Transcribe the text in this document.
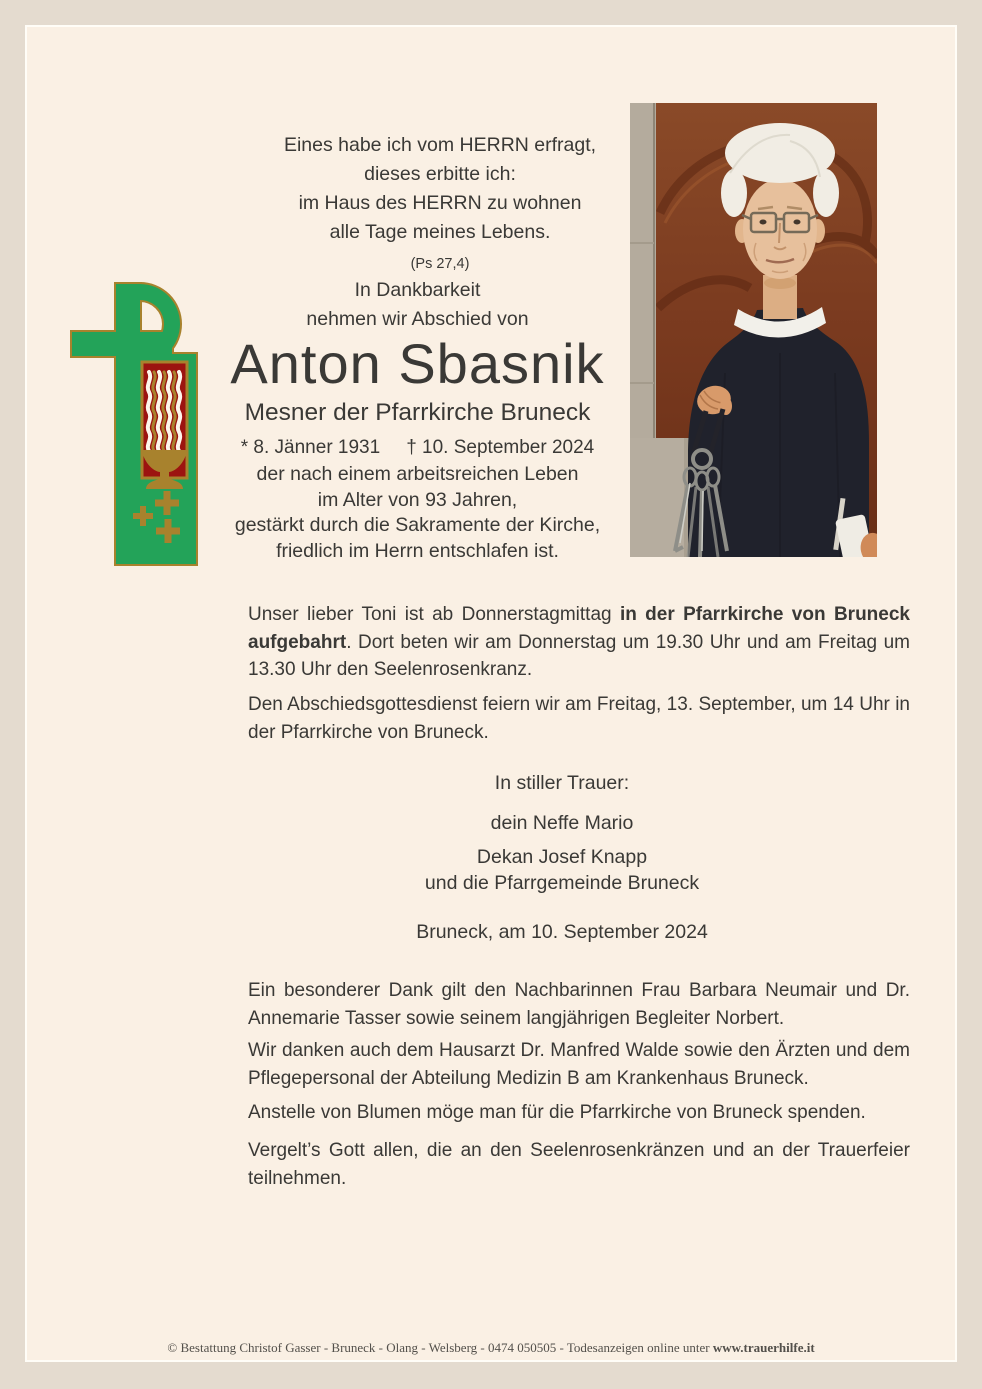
Eines habe ich vom HERRN erfragt,
dieses erbitte ich:
im Haus des HERRN zu wohnen
alle Tage meines Lebens.
(Ps 27,4)
In Dankbarkeit
nehmen wir Abschied von
Anton Sbasnik
Mesner der Pfarrkirche Bruneck
* 8. Jänner 1931 † 10. September 2024
der nach einem arbeitsreichen Leben
im Alter von 93 Jahren,
gestärkt durch die Sakramente der Kirche,
friedlich im Herrn entschlafen ist.

Unser lieber Toni ist ab Donnerstagmittag in der Pfarrkirche von Bruneck aufgebahrt. Dort beten wir am Donnerstag um 19.30 Uhr und am Freitag um 13.30 Uhr den Seelenrosenkranz.

Den Abschiedsgottesdienst feiern wir am Freitag, 13. September, um 14 Uhr in der Pfarrkirche von Bruneck.

In stiller Trauer:
dein Neffe Mario
Dekan Josef Knapp
und die Pfarrgemeinde Bruneck
Bruneck, am 10. September 2024

Ein besonderer Dank gilt den Nachbarinnen Frau Barbara Neumair und Dr. Annemarie Tasser sowie seinem langjährigen Begleiter Norbert.

Wir danken auch dem Hausarzt Dr. Manfred Walde sowie den Ärzten und dem Pflegepersonal der Abteilung Medizin B am Krankenhaus Bruneck.

Anstelle von Blumen möge man für die Pfarrkirche von Bruneck spenden.

Vergelt’s Gott allen, die an den Seelenrosenkränzen und an der Trauerfeier teilnehmen.

© Bestattung Christof Gasser - Bruneck - Olang - Welsberg - 0474 050505 - Todesanzeigen online unter www.trauerhilfe.it
